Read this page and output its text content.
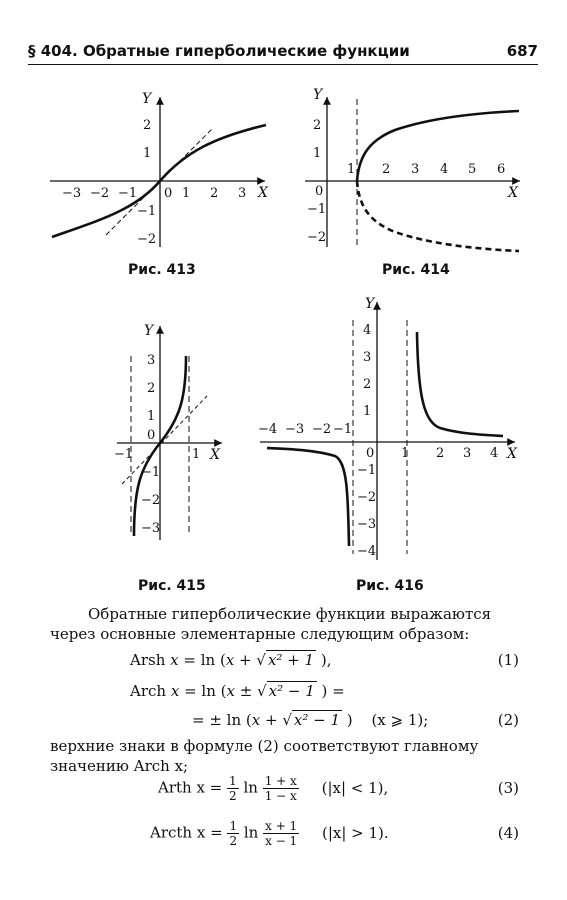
§ 404. Обратные гиперболические функции	687
−3 −2 −1 0 1 2 3
2
1
−1
−2
X
Y
Рис. 413
0
1 2 3 4 5 6
2
1
−1
−2
X
Y
Рис. 414
−1	1
3
2
1
0
−1
−2
−3
X
Y
Рис. 415
−4 −3 −2 −1
0 1 2 3 4
4
3
2
1
−1
−2
−3
−4
X
Y
Рис. 416
Обратные гиперболические функции выражаются
через основные элементарные следующим образом:
Arsh x = ln (x + √ x² + 1 ),	(1)
Arch x = ln (x ± √ x² − 1 ) =
= ± ln (x + √ x² − 1 ) (x ⩾ 1);	(2)
верхние знаки в формуле (2) соответствуют главному
значению Arch x;
Arth $x = \frac{1}{2}$ $\ln \frac{1 + x}{1 - x} (|x| < 1)$,	(3)
Arcth $x = \frac{1}{2}$ $\ln \frac{x + 1}{x - 1} (|x| > 1)$.	(4)
